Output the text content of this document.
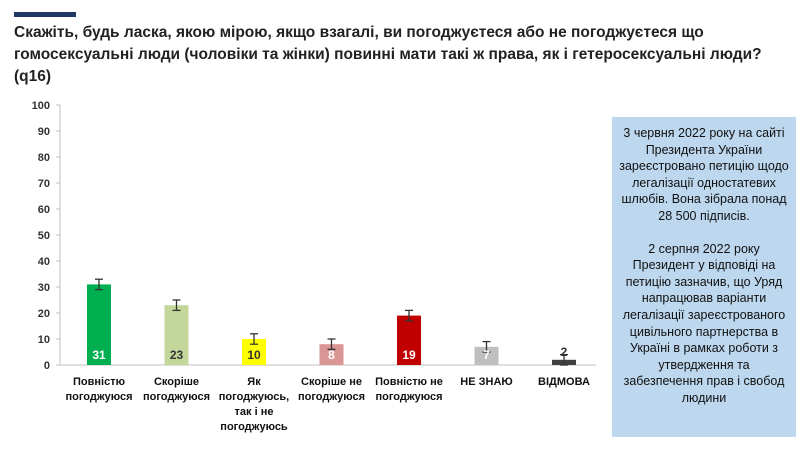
Скажіть, будь ласка, якою мірою, якщо взагалі, ви погоджуєтеся або не погоджуєтеся що
гомосексуальні люди (чоловіки та жінки) повинні мати такі ж права, як і гетеросексуальні люди? (q16)
0
10
20
30
40
50
60
70
80
90
100
31
Повністю
погоджуюся
23
Скоріше
погоджуюся
10
Як
погоджуюсь,
так і не
погоджуюсь
8
Скоріше не
погоджуюся
19
Повністю не
погоджуюся
7
НЕ ЗНАЮ
2
ВІДМОВА

3 червня 2022 року на сайті Президента України зареєстровано петицію щодо легалізації одностатевих шлюбів. Вона зібрала понад 28 500 підписів.

2 серпня 2022 року Президент у відповіді на петицію зазначив, що Уряд напрацював варіанти легалізації зареєстрованого цивільного партнерства в Україні в рамках роботи з утвердження та забезпечення прав і свобод людини
